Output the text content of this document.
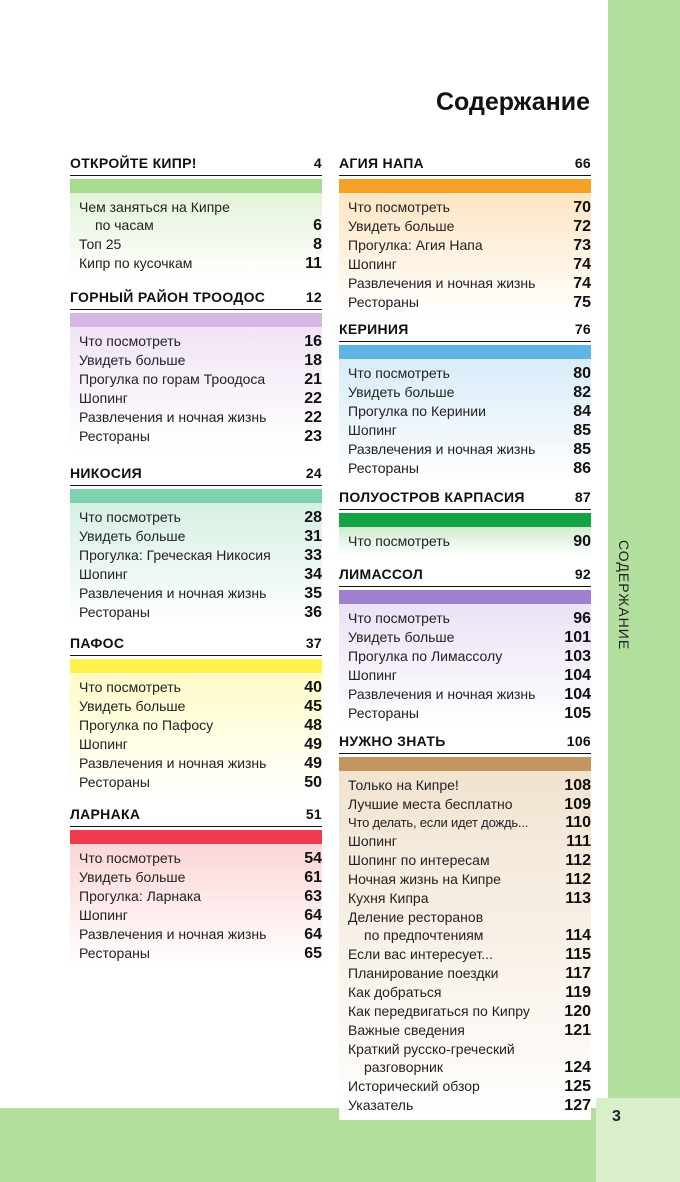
3
СОДЕРЖАНИЕ
Содержание
ОТКРОЙТЕ КИПР!	4
Чем заняться на Кипре
по часам	6
Топ 25	8
Кипр по кусочкам	11
ГОРНЫЙ РАЙОН ТРООДОС	12
Что посмотреть	16
Увидеть больше	18
Прогулка по горам Троодоса 21
Шопинг	22
Развлечения и ночная жизнь 22
Рестораны	23
НИКОСИЯ	24
Что посмотреть	28
Увидеть больше	31
Прогулка: Греческая Никосия 33
Шопинг	34
Развлечения и ночная жизнь 35
Рестораны	36
ПАФОС	37
Что посмотреть	40
Увидеть больше	45
Прогулка по Пафосу	48
Шопинг	49
Развлечения и ночная жизнь 49
Рестораны	50
ЛАРНАКА	51
Что посмотреть	54
Увидеть больше	61
Прогулка: Ларнака	63
Шопинг	64
Развлечения и ночная жизнь 64
Рестораны	65
АГИЯ НАПА	66
Что посмотреть	70
Увидеть больше	72
Прогулка: Агия Напа	73
Шопинг	74
Развлечения и ночная жизнь 74
Рестораны	75
КЕРИНИЯ	76
Что посмотреть	80
Увидеть больше	82
Прогулка по Керинии	84
Шопинг	85
Развлечения и ночная жизнь 85
Рестораны	86
ПОЛУОСТРОВ КАРПАСИЯ	87
Что посмотреть	90
ЛИМАССОЛ	92
Что посмотреть	96
Увидеть больше	101
Прогулка по Лимассолу	103
Шопинг	104
Развлечения и ночная жизнь 104
Рестораны	105
НУЖНО ЗНАТЬ	106
Только на Кипре!	108
Лучшие места бесплатно	109
Что делать, если идет дождь... 110
Шопинг	111
Шопинг по интересам	112
Ночная жизнь на Кипре	112
Кухня Кипра	113
Деление ресторанов
по предпочтениям	114
Если вас интересует...	115
Планирование поездки	117
Как добраться	119
Как передвигаться по Кипру 120
Важные сведения	121
Краткий русско-греческий
разговорник	124
Исторический обзор	125
Указатель	127
